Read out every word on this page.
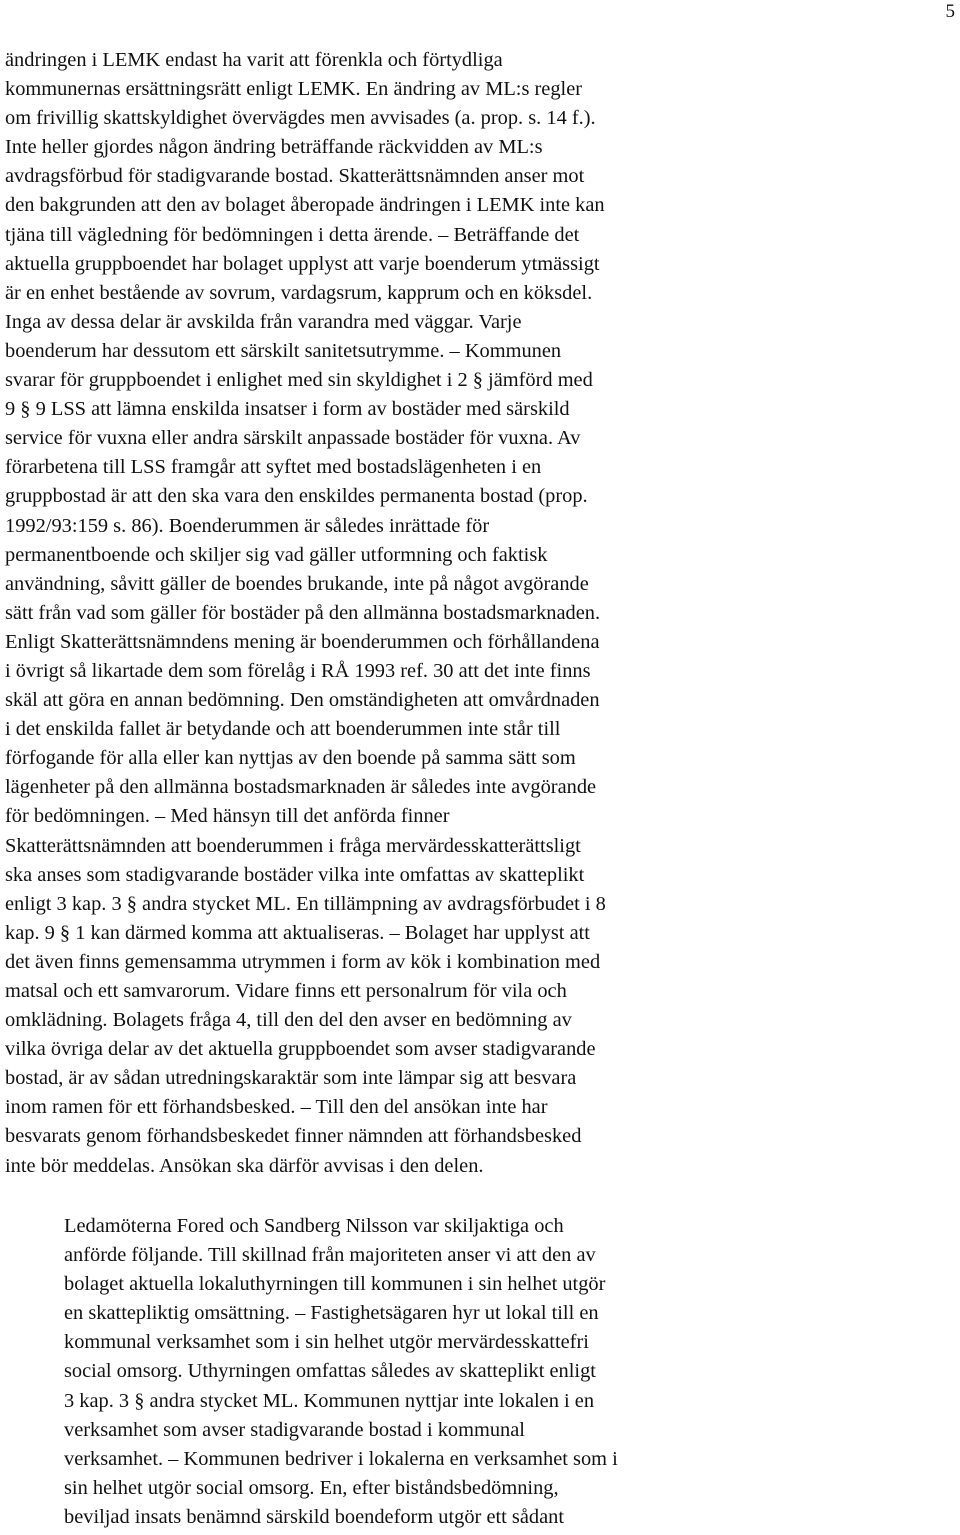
5
ändringen i LEMK endast ha varit att förenkla och förtydliga
kommunernas ersättningsrätt enligt LEMK. En ändring av ML:s regler
om frivillig skattskyldighet övervägdes men avvisades (a. prop. s. 14 f.).
Inte heller gjordes någon ändring beträffande räckvidden av ML:s
avdragsförbud för stadigvarande bostad. Skatterättsnämnden anser mot
den bakgrunden att den av bolaget åberopade ändringen i LEMK inte kan
tjäna till vägledning för bedömningen i detta ärende. – Beträffande det
aktuella gruppboendet har bolaget upplyst att varje boenderum ytmässigt
är en enhet bestående av sovrum, vardagsrum, kapprum och en köksdel.
Inga av dessa delar är avskilda från varandra med väggar. Varje
boenderum har dessutom ett särskilt sanitetsutrymme. – Kommunen
svarar för gruppboendet i enlighet med sin skyldighet i 2 § jämförd med
9 § 9 LSS att lämna enskilda insatser i form av bostäder med särskild
service för vuxna eller andra särskilt anpassade bostäder för vuxna. Av
förarbetena till LSS framgår att syftet med bostadslägenheten i en
gruppbostad är att den ska vara den enskildes permanenta bostad (prop.
1992/93:159 s. 86). Boenderummen är således inrättade för
permanentboende och skiljer sig vad gäller utformning och faktisk
användning, såvitt gäller de boendes brukande, inte på något avgörande
sätt från vad som gäller för bostäder på den allmänna bostadsmarknaden.
Enligt Skatterättsnämndens mening är boenderummen och förhållandena
i övrigt så likartade dem som förelåg i RÅ 1993 ref. 30 att det inte finns
skäl att göra en annan bedömning. Den omständigheten att omvårdnaden
i det enskilda fallet är betydande och att boenderummen inte står till
förfogande för alla eller kan nyttjas av den boende på samma sätt som
lägenheter på den allmänna bostadsmarknaden är således inte avgörande
för bedömningen. – Med hänsyn till det anförda finner
Skatterättsnämnden att boenderummen i fråga mervärdesskatterättsligt
ska anses som stadigvarande bostäder vilka inte omfattas av skatteplikt
enligt 3 kap. 3 § andra stycket ML. En tillämpning av avdragsförbudet i 8
kap. 9 § 1 kan därmed komma att aktualiseras. – Bolaget har upplyst att
det även finns gemensamma utrymmen i form av kök i kombination med
matsal och ett samvarorum. Vidare finns ett personalrum för vila och
omklädning. Bolagets fråga 4, till den del den avser en bedömning av
vilka övriga delar av det aktuella gruppboendet som avser stadigvarande
bostad, är av sådan utredningskaraktär som inte lämpar sig att besvara
inom ramen för ett förhandsbesked. – Till den del ansökan inte har
besvarats genom förhandsbeskedet finner nämnden att förhandsbesked
inte bör meddelas. Ansökan ska därför avvisas i den delen.
Ledamöterna Fored och Sandberg Nilsson var skiljaktiga och
anförde följande. Till skillnad från majoriteten anser vi att den av
bolaget aktuella lokaluthyrningen till kommunen i sin helhet utgör
en skattepliktig omsättning. – Fastighetsägaren hyr ut lokal till en
kommunal verksamhet som i sin helhet utgör mervärdesskattefri
social omsorg. Uthyrningen omfattas således av skatteplikt enligt
3 kap. 3 § andra stycket ML. Kommunen nyttjar inte lokalen i en
verksamhet som avser stadigvarande bostad i kommunal
verksamhet. – Kommunen bedriver i lokalerna en verksamhet som i
sin helhet utgör social omsorg. En, efter biståndsbedömning,
beviljad insats benämnd särskild boendeform utgör ett sådant
